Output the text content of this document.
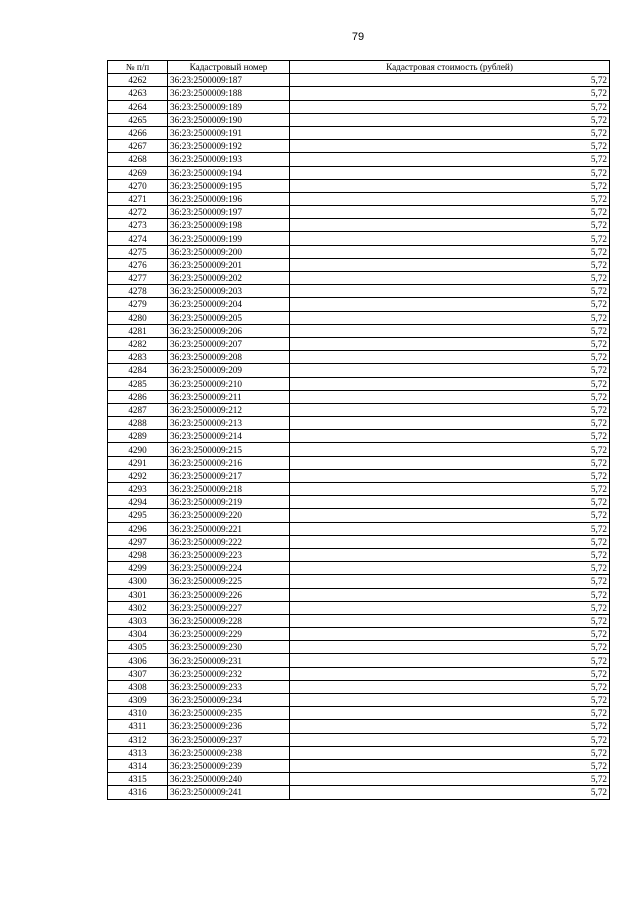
79
№ п/п	Кадастровый номер	Кадастровая стоимость (рублей)
4262	36:23:2500009:187	5,72
4263	36:23:2500009:188	5,72
4264	36:23:2500009:189	5,72
4265	36:23:2500009:190	5,72
4266	36:23:2500009:191	5,72
4267	36:23:2500009:192	5,72
4268	36:23:2500009:193	5,72
4269	36:23:2500009:194	5,72
4270	36:23:2500009:195	5,72
4271	36:23:2500009:196	5,72
4272	36:23:2500009:197	5,72
4273	36:23:2500009:198	5,72
4274	36:23:2500009:199	5,72
4275	36:23:2500009:200	5,72
4276	36:23:2500009:201	5,72
4277	36:23:2500009:202	5,72
4278	36:23:2500009:203	5,72
4279	36:23:2500009:204	5,72
4280	36:23:2500009:205	5,72
4281	36:23:2500009:206	5,72
4282	36:23:2500009:207	5,72
4283	36:23:2500009:208	5,72
4284	36:23:2500009:209	5,72
4285	36:23:2500009:210	5,72
4286	36:23:2500009:211	5,72
4287	36:23:2500009:212	5,72
4288	36:23:2500009:213	5,72
4289	36:23:2500009:214	5,72
4290	36:23:2500009:215	5,72
4291	36:23:2500009:216	5,72
4292	36:23:2500009:217	5,72
4293	36:23:2500009:218	5,72
4294	36:23:2500009:219	5,72
4295	36:23:2500009:220	5,72
4296	36:23:2500009:221	5,72
4297	36:23:2500009:222	5,72
4298	36:23:2500009:223	5,72
4299	36:23:2500009:224	5,72
4300	36:23:2500009:225	5,72
4301	36:23:2500009:226	5,72
4302	36:23:2500009:227	5,72
4303	36:23:2500009:228	5,72
4304	36:23:2500009:229	5,72
4305	36:23:2500009:230	5,72
4306	36:23:2500009:231	5,72
4307	36:23:2500009:232	5,72
4308	36:23:2500009:233	5,72
4309	36:23:2500009:234	5,72
4310	36:23:2500009:235	5,72
4311	36:23:2500009:236	5,72
4312	36:23:2500009:237	5,72
4313	36:23:2500009:238	5,72
4314	36:23:2500009:239	5,72
4315	36:23:2500009:240	5,72
4316	36:23:2500009:241	5,72
